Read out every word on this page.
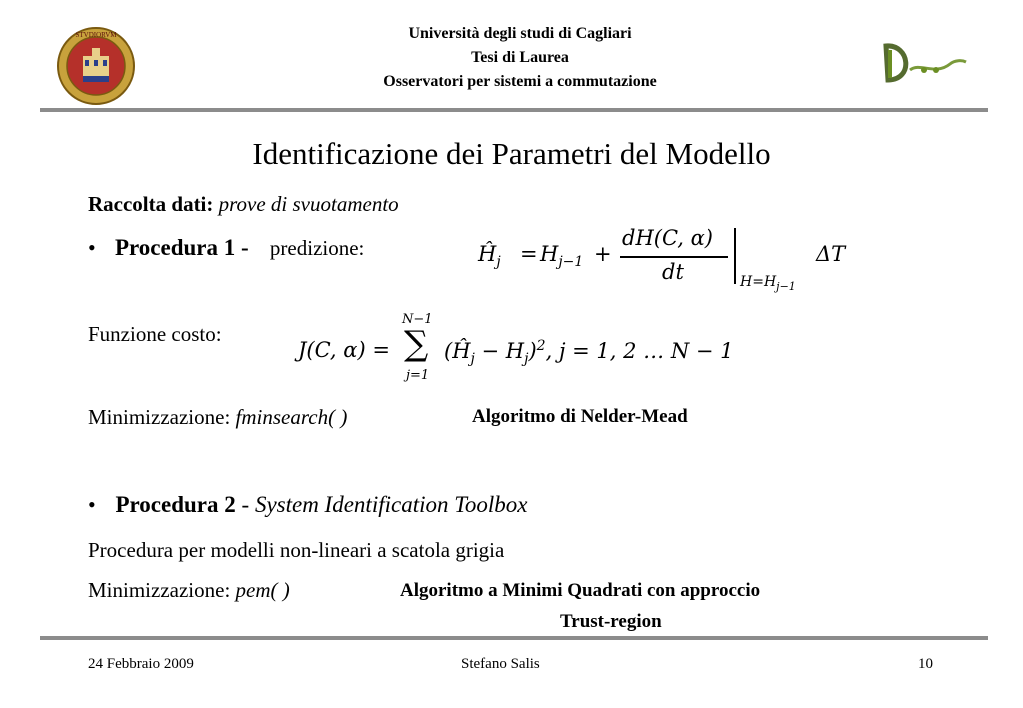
STVDIORVM	Università degli studi di Cagliari
Tesi di Laurea
Osservatori per sistemi a commutazione
Identificazione dei Parametri del Modello
Raccolta dati: prove di svuotamento
• Procedura 1 - predizione:	$Ĥ_j = H_{j-1}$ +
dH(C, α)
dt	$H=H_{j-1}$
ΔT
Funzione costo:
J(C, α) =
N−1
∑
j=1
$(Ĥ_j - H_j)^2$, j = 1, 2 … N − 1
Minimizzazione: fminsearch( )	Algoritmo di Nelder-Mead
• Procedura 2 - System Identification Toolbox
Procedura per modelli non-lineari a scatola grigia
Minimizzazione: pem( )	Algoritmo a Minimi Quadrati con approccio
Trust-region
24 Febbraio 2009	Stefano Salis	10
